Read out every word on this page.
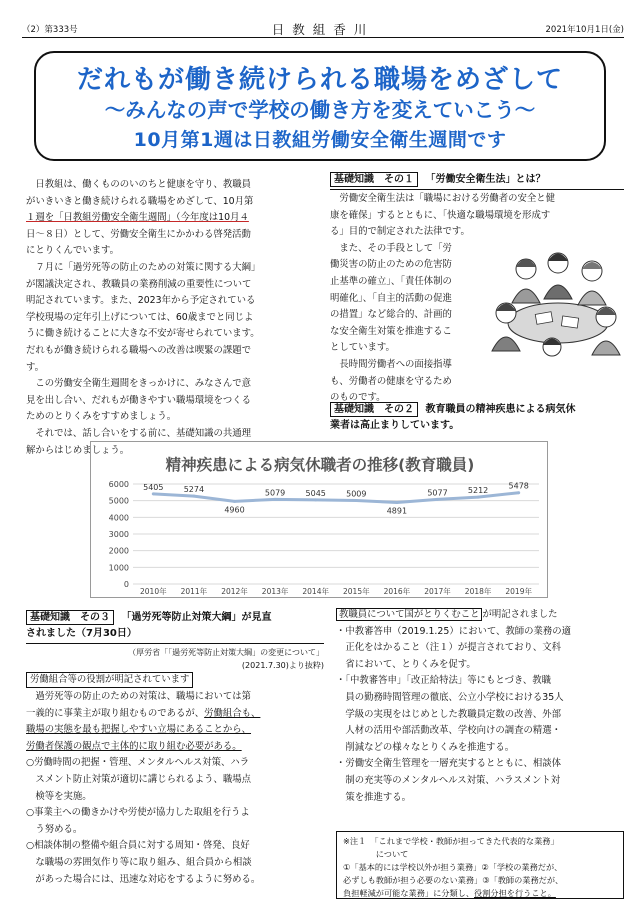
（2）第333号	日教組香川	2021年10月1日(金)
だれもが働き続けられる職場をめざして
～みんなの声で学校の働き方を変えていこう～
10月第1週は日教組労働安全衛生週間です
日教組は、働くもののいのちと健康を守り、教職員
がいきいきと働き続けられる職場をめざして、10月第
１週を「日教組労働安全衛生週間」（今年度は10月４
日～８日）として、労働安全衛生にかかわる啓発活動
にとりくんでいます。
７月に「過労死等の防止のための対策に関する大綱」
が閣議決定され、教職員の業務削減の重要性について
明記されています。また、2023年から予定されている
学校現場の定年引上げについては、60歳までと同じよ
うに働き続けることに大きな不安が寄せられています。
だれもが働き続けられる職場への改善は喫緊の課題で
す。
この労働安全衛生週間をきっかけに、みなさんで意
見を出し合い、だれもが働きやすい職場環境をつくる
ためのとりくみをすすめましょう。
それでは、話し合いをする前に、基礎知識の共通理
解からはじめましょう。
基礎知識　その１ 「労働安全衛生法」とは？
労働安全衛生法は「職場における労働者の安全と健
康を確保」するとともに、「快適な職場環境を形成す
る」目的で制定された法律です。
また、その手段として「労
働災害の防止のための危害防
止基準の確立」、「責任体制の
明確化」、「自主的活動の促進
の措置」など総合的、計画的
な安全衛生対策を推進するこ
としています。
長時間労働者への面接指導
も、労働者の健康を守るため
のものです。
基礎知識　その２ 教育職員の精神疾患による病気休
業者は高止まりしています。
精神疾患による病気休職者の推移(教育職員)
0
1000
2000
3000
4000
5000
6000
2010年 2011年 2012年 2013年 2014年 2015年 2016年 2017年 2018年 2019年
5405	5274
4960
5079	5045	5009
4891
5077	5212	5478
基礎知識　その３ 「過労死等防止対策大綱」が見直
されました（7月30日）
（厚労省「「過労死等防止対策大綱」の変更について」
(2021.7.30)より抜粋)
労働組合等の役割が明記されています
過労死等の防止のための対策は、職場においては第
一義的に事業主が取り組むものであるが、労働組合も、
職場の実態を最も把握しやすい立場にあることから、
労働者保護の観点で主体的に取り組む必要がある。
○労働時間の把握・管理、メンタルヘルス対策、ハラ
スメント防止対策が適切に講じられるよう、職場点
検等を実施。
○事業主への働きかけや労使が協力した取組を行うよ
う努める。
○相談体制の整備や組合員に対する周知・啓発、良好
な職場の雰囲気作り等に取り組み、組合員から相談
があった場合には、迅速な対応をするように努める。
教職員について国がとりくむこと が明記されました
・中教審答申（2019.1.25）において、教師の業務の適
正化をはかること（注１）が提言されており、文科
省において、とりくみを促す。
・「中教審答申」「改正給特法」等にもとづき、教職
員の勤務時間管理の徹底、公立小学校における35人
学級の実現をはじめとした教職員定数の改善、外部
人材の活用や部活動改革、学校向けの調査の精選・
削減などの様々なとりくみを推進する。
・労働安全衛生管理を一層充実するとともに、相談体
制の充実等のメンタルヘルス対策、ハラスメント対
策を推進する。
※注１　「これまで学校・教師が担ってきた代表的な業務」
　　　　について
①「基本的には学校以外が担う業務」②「学校の業務だが、
必ずしも教師が担う必要のない業務」③「教師の業務だが、
負担軽減が可能な業務」に分類し、役割分担を行うこと。
